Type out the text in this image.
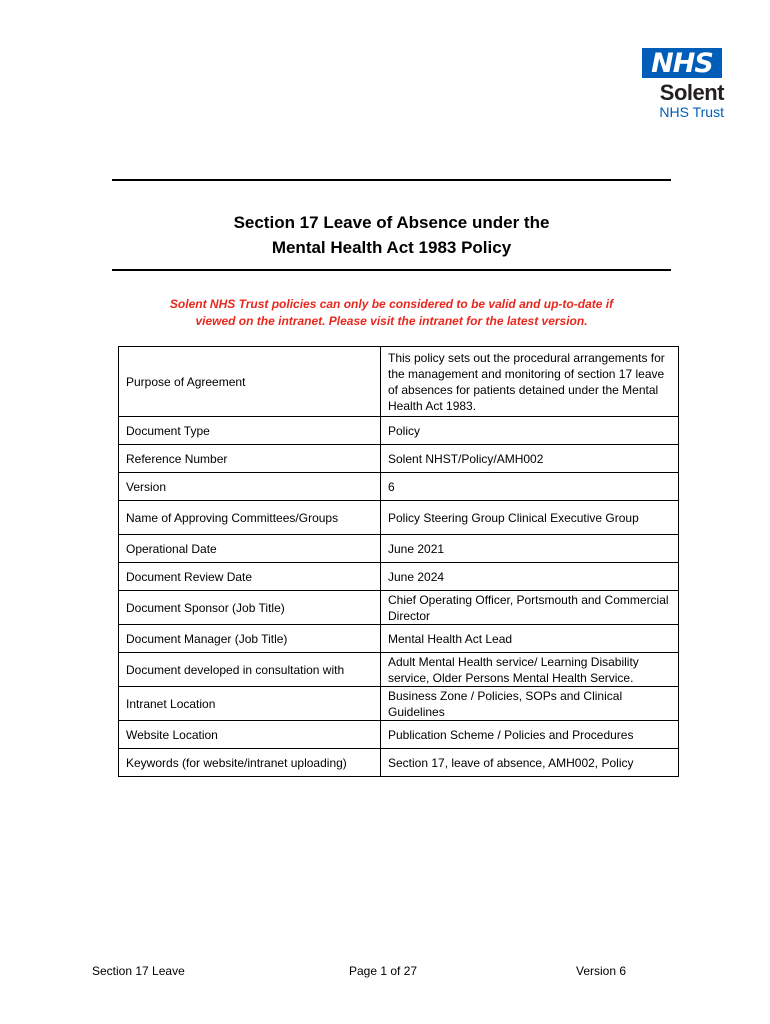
NHS
Solent
NHS Trust
Section 17 Leave of Absence under the
Mental Health Act 1983 Policy
Solent NHS Trust policies can only be considered to be valid and up-to-date if
viewed on the intranet. Please visit the intranet for the latest version.
Purpose of Agreement	This policy sets out the procedural arrangements for the management and monitoring of section 17 leave of absences for patients detained under the Mental Health Act 1983.
Document Type	Policy
Reference Number	Solent NHST/Policy/AMH002
Version	6
Name of Approving Committees/Groups	Policy Steering Group Clinical Executive Group
Operational Date	June 2021
Document Review Date	June 2024
Document Sponsor (Job Title)	Chief Operating Officer, Portsmouth and Commercial Director
Document Manager (Job Title)	Mental Health Act Lead
Document developed in consultation with	Adult Mental Health service/ Learning Disability service, Older Persons Mental Health Service.
Intranet Location	Business Zone / Policies, SOPs and Clinical Guidelines
Website Location	Publication Scheme / Policies and Procedures
Keywords (for website/intranet uploading)	Section 17, leave of absence, AMH002, Policy
Section 17 Leave	Page 1 of 27	Version 6
